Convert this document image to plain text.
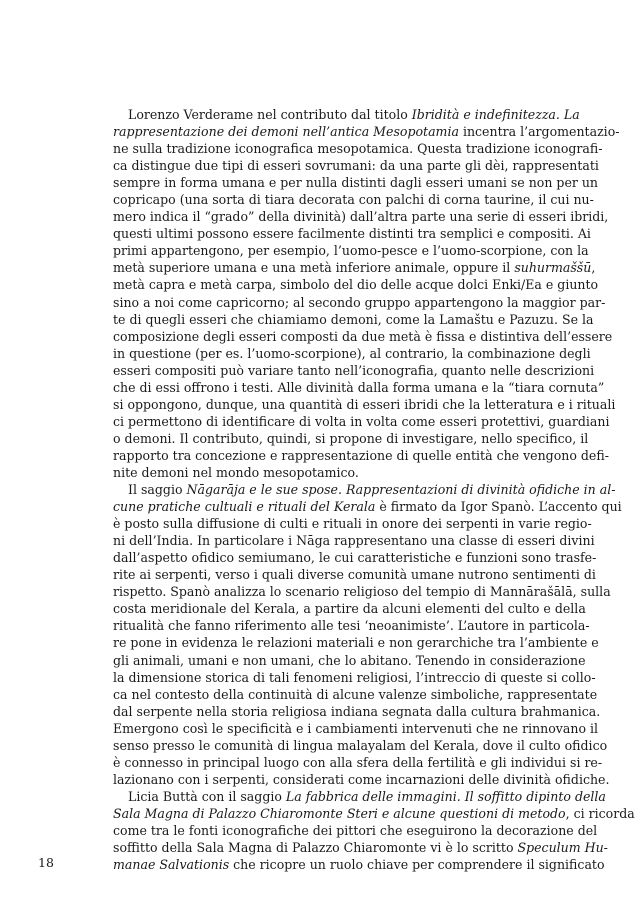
Lorenzo Verderame nel contributo dal titolo Ibridità e indefinitezza. La
rappresentazione dei demoni nell’antica Mesopotamia incentra l’argomentazio-
ne sulla tradizione iconografica mesopotamica. Questa tradizione iconografi-
ca distingue due tipi di esseri sovrumani: da una parte gli dèi, rappresentati
sempre in forma umana e per nulla distinti dagli esseri umani se non per un
copricapo (una sorta di tiara decorata con palchi di corna taurine, il cui nu-
mero indica il “grado” della divinità) dall’altra parte una serie di esseri ibridi,
questi ultimi possono essere facilmente distinti tra semplici e compositi. Ai
primi appartengono, per esempio, l’uomo-pesce e l’uomo-scorpione, con la
metà superiore umana e una metà inferiore animale, oppure il suhurmaššū,
metà capra e metà carpa, simbolo del dio delle acque dolci Enki/Ea e giunto
sino a noi come capricorno; al secondo gruppo appartengono la maggior par-
te di quegli esseri che chiamiamo demoni, come la Lamaštu e Pazuzu. Se la
composizione degli esseri composti da due metà è fissa e distintiva dell’essere
in questione (per es. l’uomo-scorpione), al contrario, la combinazione degli
esseri compositi può variare tanto nell’iconografia, quanto nelle descrizioni
che di essi offrono i testi. Alle divinità dalla forma umana e la “tiara cornuta”
si oppongono, dunque, una quantità di esseri ibridi che la letteratura e i rituali
ci permettono di identificare di volta in volta come esseri protettivi, guardiani
o demoni. Il contributo, quindi, si propone di investigare, nello specifico, il
rapporto tra concezione e rappresentazione di quelle entità che vengono defi-
nite demoni nel mondo mesopotamico.
Il saggio Nāgarāja e le sue spose. Rappresentazioni di divinità ofidiche in al-
cune pratiche cultuali e rituali del Kerala è firmato da Igor Spanò. L’accento qui
è posto sulla diffusione di culti e rituali in onore dei serpenti in varie regio-
ni dell’India. In particolare i Nāga rappresentano una classe di esseri divini
dall’aspetto ofidico semiumano, le cui caratteristiche e funzioni sono trasfe-
rite ai serpenti, verso i quali diverse comunità umane nutrono sentimenti di
rispetto. Spanò analizza lo scenario religioso del tempio di Mannārašālā, sulla
costa meridionale del Kerala, a partire da alcuni elementi del culto e della
ritualità che fanno riferimento alle tesi ‘neoanimiste’. L’autore in particola-
re pone in evidenza le relazioni materiali e non gerarchiche tra l’ambiente e
gli animali, umani e non umani, che lo abitano. Tenendo in considerazione
la dimensione storica di tali fenomeni religiosi, l’intreccio di queste si collo-
ca nel contesto della continuità di alcune valenze simboliche, rappresentate
dal serpente nella storia religiosa indiana segnata dalla cultura brahmanica.
Emergono così le specificità e i cambiamenti intervenuti che ne rinnovano il
senso presso le comunità di lingua malayalam del Kerala, dove il culto ofidico
è connesso in principal luogo con alla sfera della fertilità e gli individui si re-
lazionano con i serpenti, considerati come incarnazioni delle divinità ofidiche.
Licia Buttà con il saggio La fabbrica delle immagini. Il soffitto dipinto della
Sala Magna di Palazzo Chiaromonte Steri e alcune questioni di metodo, ci ricorda
come tra le fonti iconografiche dei pittori che eseguirono la decorazione del
soffitto della Sala Magna di Palazzo Chiaromonte vi è lo scritto Speculum Hu-
manae Salvationis che ricopre un ruolo chiave per comprendere il significato
18
